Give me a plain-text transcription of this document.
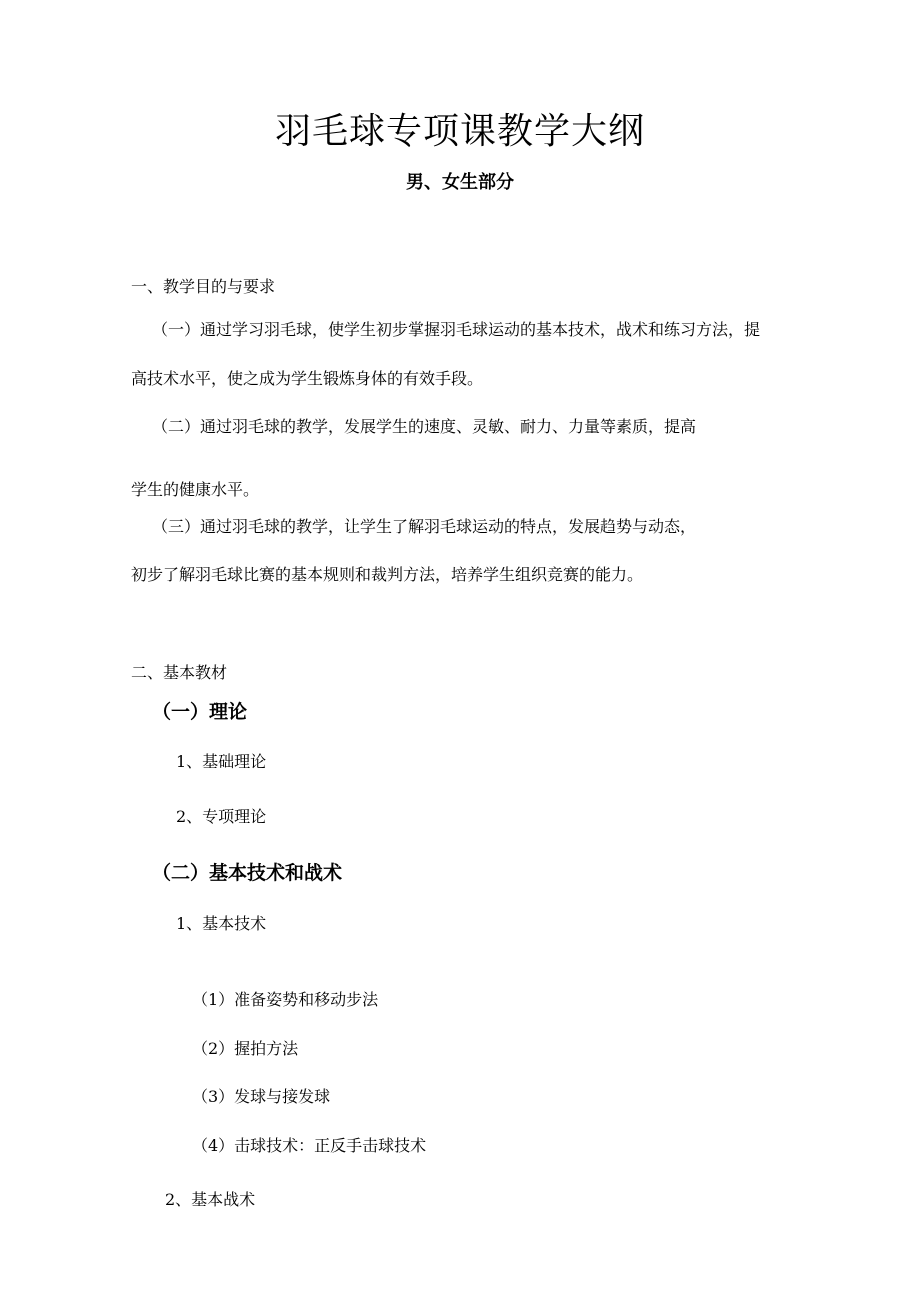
羽毛球专项课教学大纲
男、女生部分
一、教学目的与要求
（一）通过学习羽毛球，使学生初步掌握羽毛球运动的基本技术，战术和练习方法，提
高技术水平，使之成为学生锻炼身体的有效手段。
（二）通过羽毛球的教学，发展学生的速度、灵敏、耐力、力量等素质，提高
学生的健康水平。
（三）通过羽毛球的教学，让学生了解羽毛球运动的特点，发展趋势与动态，
初步了解羽毛球比赛的基本规则和裁判方法，培养学生组织竞赛的能力。
二、基本教材
（一）理论
1、基础理论
2、专项理论
（二）基本技术和战术
1、基本技术
（1）准备姿势和移动步法
（2）握拍方法
（3）发球与接发球
（4）击球技术：正反手击球技术
2、基本战术
